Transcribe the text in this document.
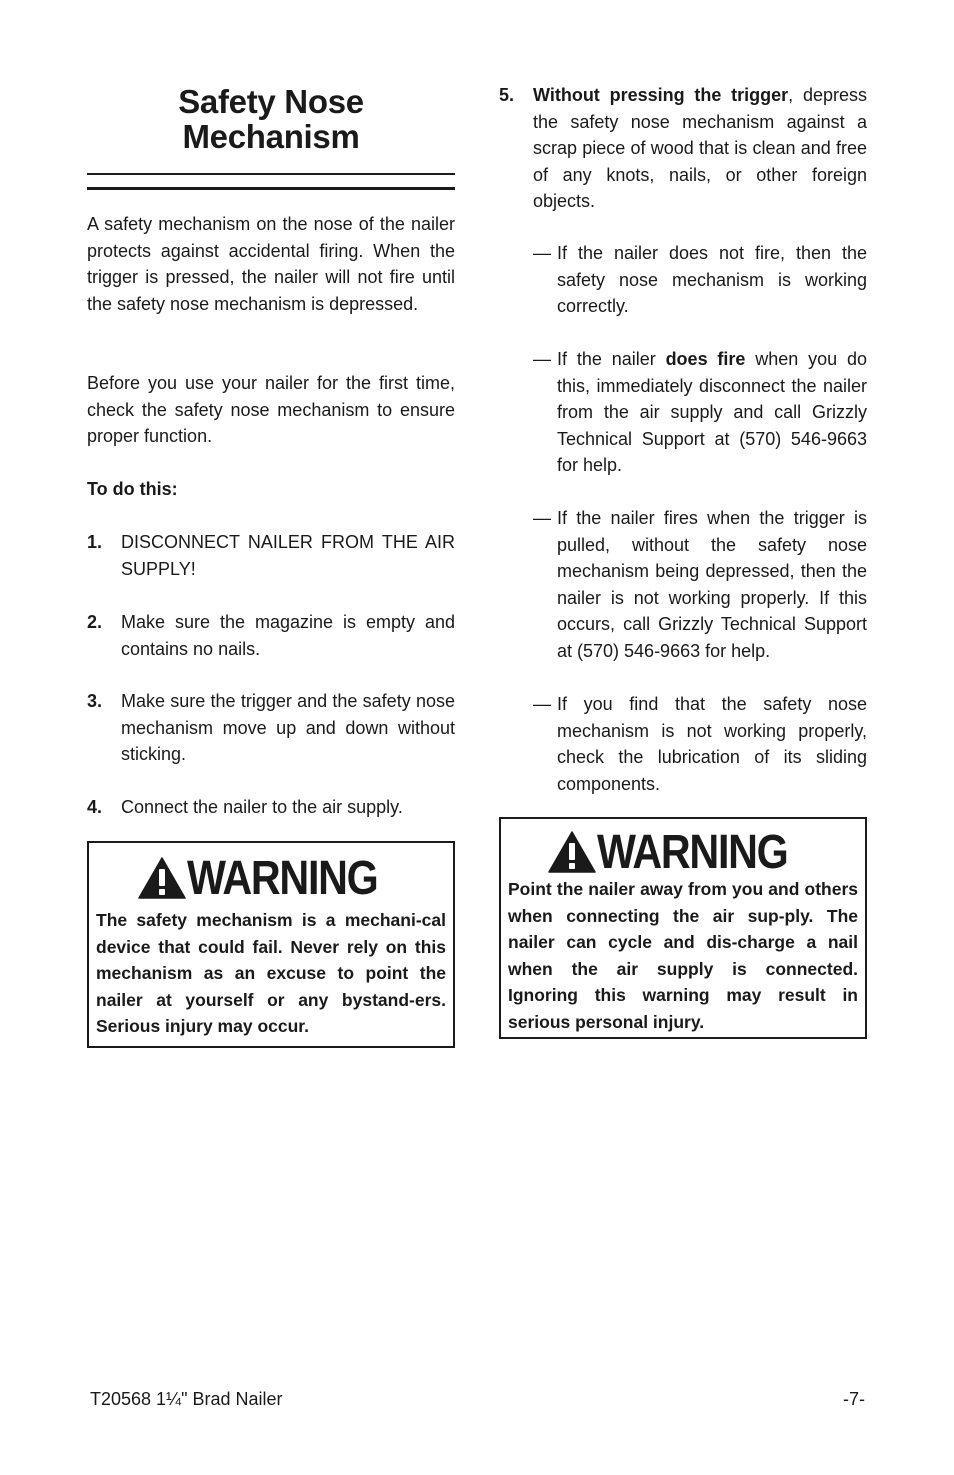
Safety Nose Mechanism

A safety mechanism on the nose of the nailer protects against accidental firing. When the trigger is pressed, the nailer will not fire until the safety nose mechanism is depressed.

Before you use your nailer for the first time, check the safety nose mechanism to ensure proper function.

To do this:

1. DISCONNECT NAILER FROM THE AIR SUPPLY!
2. Make sure the magazine is empty and contains no nails.
3. Make sure the trigger and the safety nose mechanism move up and down without sticking.
4. Connect the nailer to the air supply.
WARNING
The safety mechanism is a mechani-cal device that could fail. Never rely on this mechanism as an excuse to point the nailer at yourself or any bystand-ers. Serious injury may occur.
T20568 1¼" Brad Nailer
5. Without pressing the trigger, depress the safety nose mechanism against a scrap piece of wood that is clean and free of any knots, nails, or other foreign objects.
— If the nailer does not fire, then the safety nose mechanism is working correctly.
— If the nailer does fire when you do this, immediately disconnect the nailer from the air supply and call Grizzly Technical Support at (570) 546-9663 for help.
— If the nailer fires when the trigger is pulled, without the safety nose mechanism being depressed, then the nailer is not working properly. If this occurs, call Grizzly Technical Support at (570) 546-9663 for help.
— If you find that the safety nose mechanism is not working properly, check the lubrication of its sliding components.
WARNING
Point the nailer away from you and others when connecting the air sup-ply. The nailer can cycle and dis-charge a nail when the air supply is connected. Ignoring this warning may result in serious personal injury.
-7-
